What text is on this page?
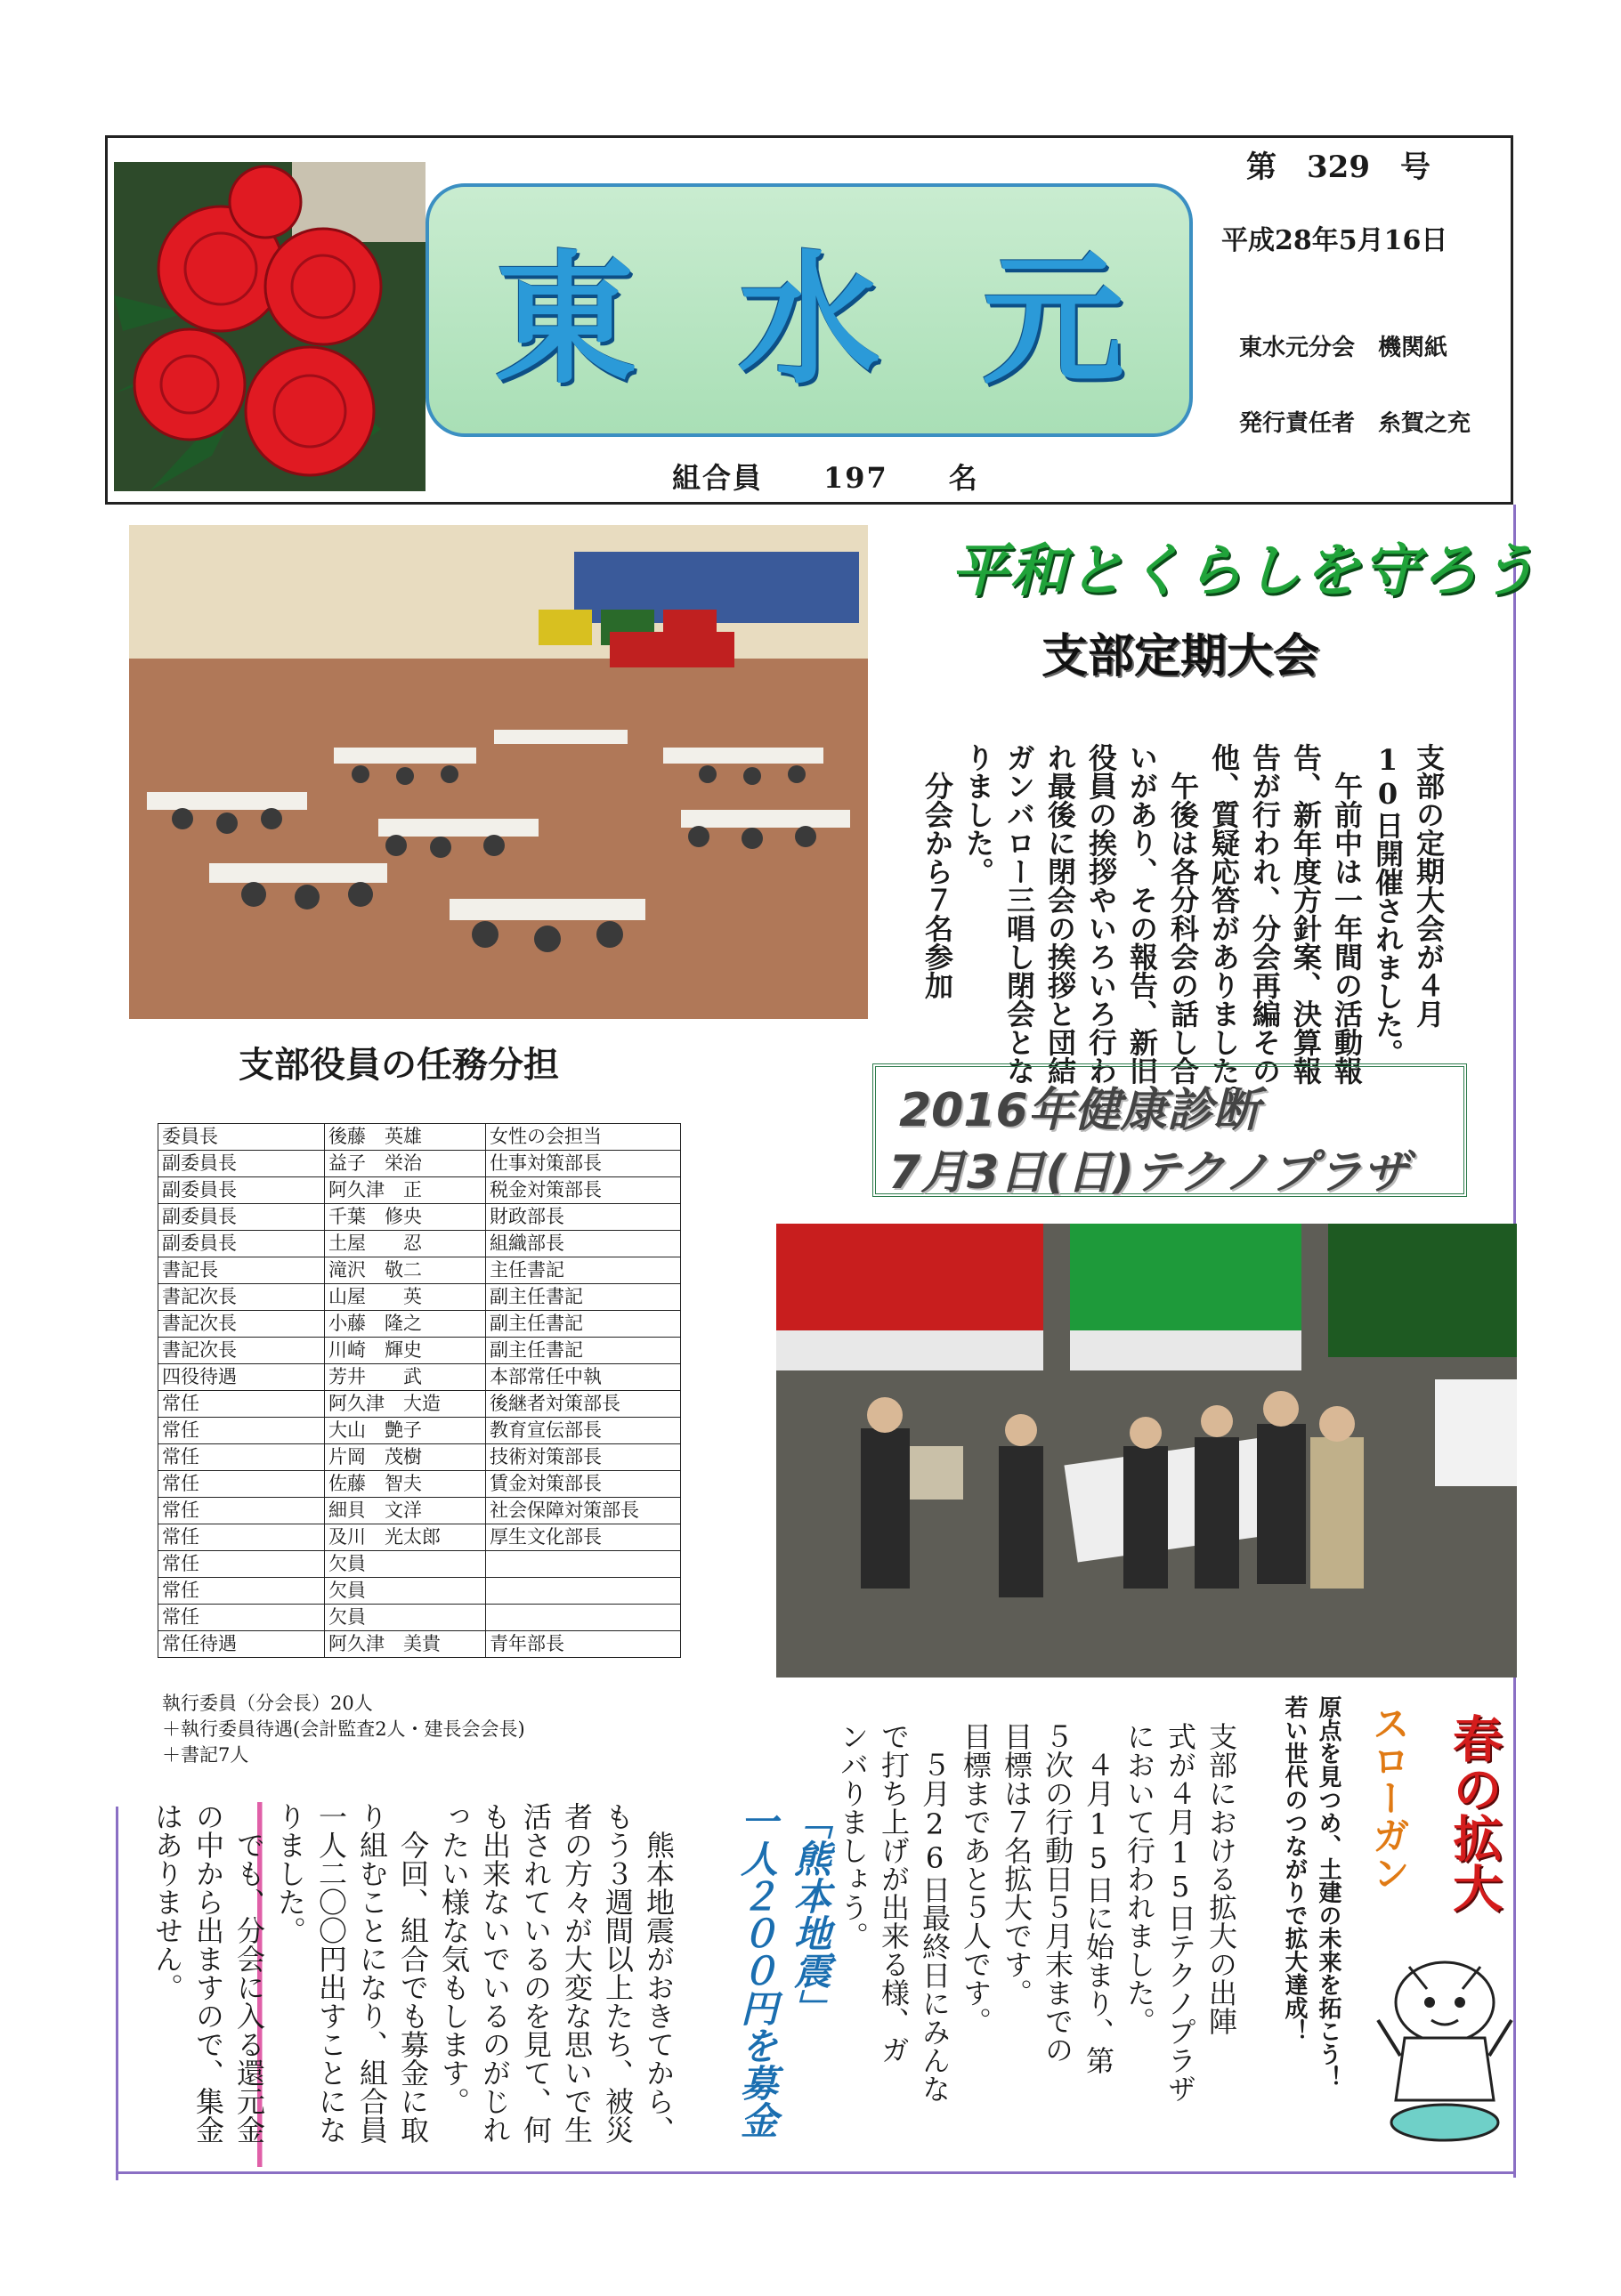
東 水 元
第　329　号
平成28年5月16日
東水元分会　機関紙
発行責任者　糸賀之充
組合員　　197　　名
平和とくらしを守ろう
支部定期大会
支部の定期大会が４月
10日開催されました。
　午前中は一年間の活動報
告、新年度方針案、決算報
告が行われ、分会再編その
他、質疑応答がありました。
　午後は各分科会の話し合
いがあり、その報告、新旧
役員の挨拶やいろいろ行わ
れ最後に閉会の挨拶と団結
ガンバロー三唱し閉会とな
りました。
　分会から７名参加
2016年健康診断
7月3日(日)テクノプラザ
支部役員の任務分担
委員長	後藤　英雄	女性の会担当
副委員長	益子　栄治	仕事対策部長
副委員長	阿久津　正	税金対策部長
副委員長	千葉　修央	財政部長
副委員長	土屋　　忍	組織部長
書記長	滝沢　敬二	主任書記
書記次長	山屋　　英	副主任書記
書記次長	小藤　隆之	副主任書記
書記次長	川崎　輝史	副主任書記
四役待遇	芳井　　武	本部常任中執
常任	阿久津　大造	後継者対策部長
常任	大山　艶子	教育宣伝部長
常任	片岡　茂樹	技術対策部長
常任	佐藤　智夫	賃金対策部長
常任	細貝　文洋	社会保障対策部長
常任	及川　光太郎	厚生文化部長
常任	欠員	
常任	欠員	
常任	欠員	
常任待遇	阿久津　美貴	青年部長
執行委員（分会長）20人
＋執行委員待遇(会計監査2人・建長会会長)
＋書記7人
「熊本地震」
一人２００円を募金
　熊本地震がおきてから、
もう３週間以上たち、被災
者の方々が大変な思いで生
活されているのを見て、何
も出来ないでいるのがじれ
ったい様な気もします。
　今回、組合でも募金に取
り組むことになり、組合員
一人二〇〇円出すことにな
りました。
　でも、分会に入る還元金
の中から出ますので、集金
はありません。	支部における拡大の出陣
式が４月15日テクノプラザ
において行われました。
　４月15日に始まり、第
５次の行動日５月末までの
目標は７名拡大です。
目標まであと５人です。
　５月26日最終日にみんな
で打ち上げが出来る様、ガ
ンバりましょう。	春の拡大
スローガン
原点を見つめ、土建の未来を拓こう！
若い世代のつながりで拡大達成！
